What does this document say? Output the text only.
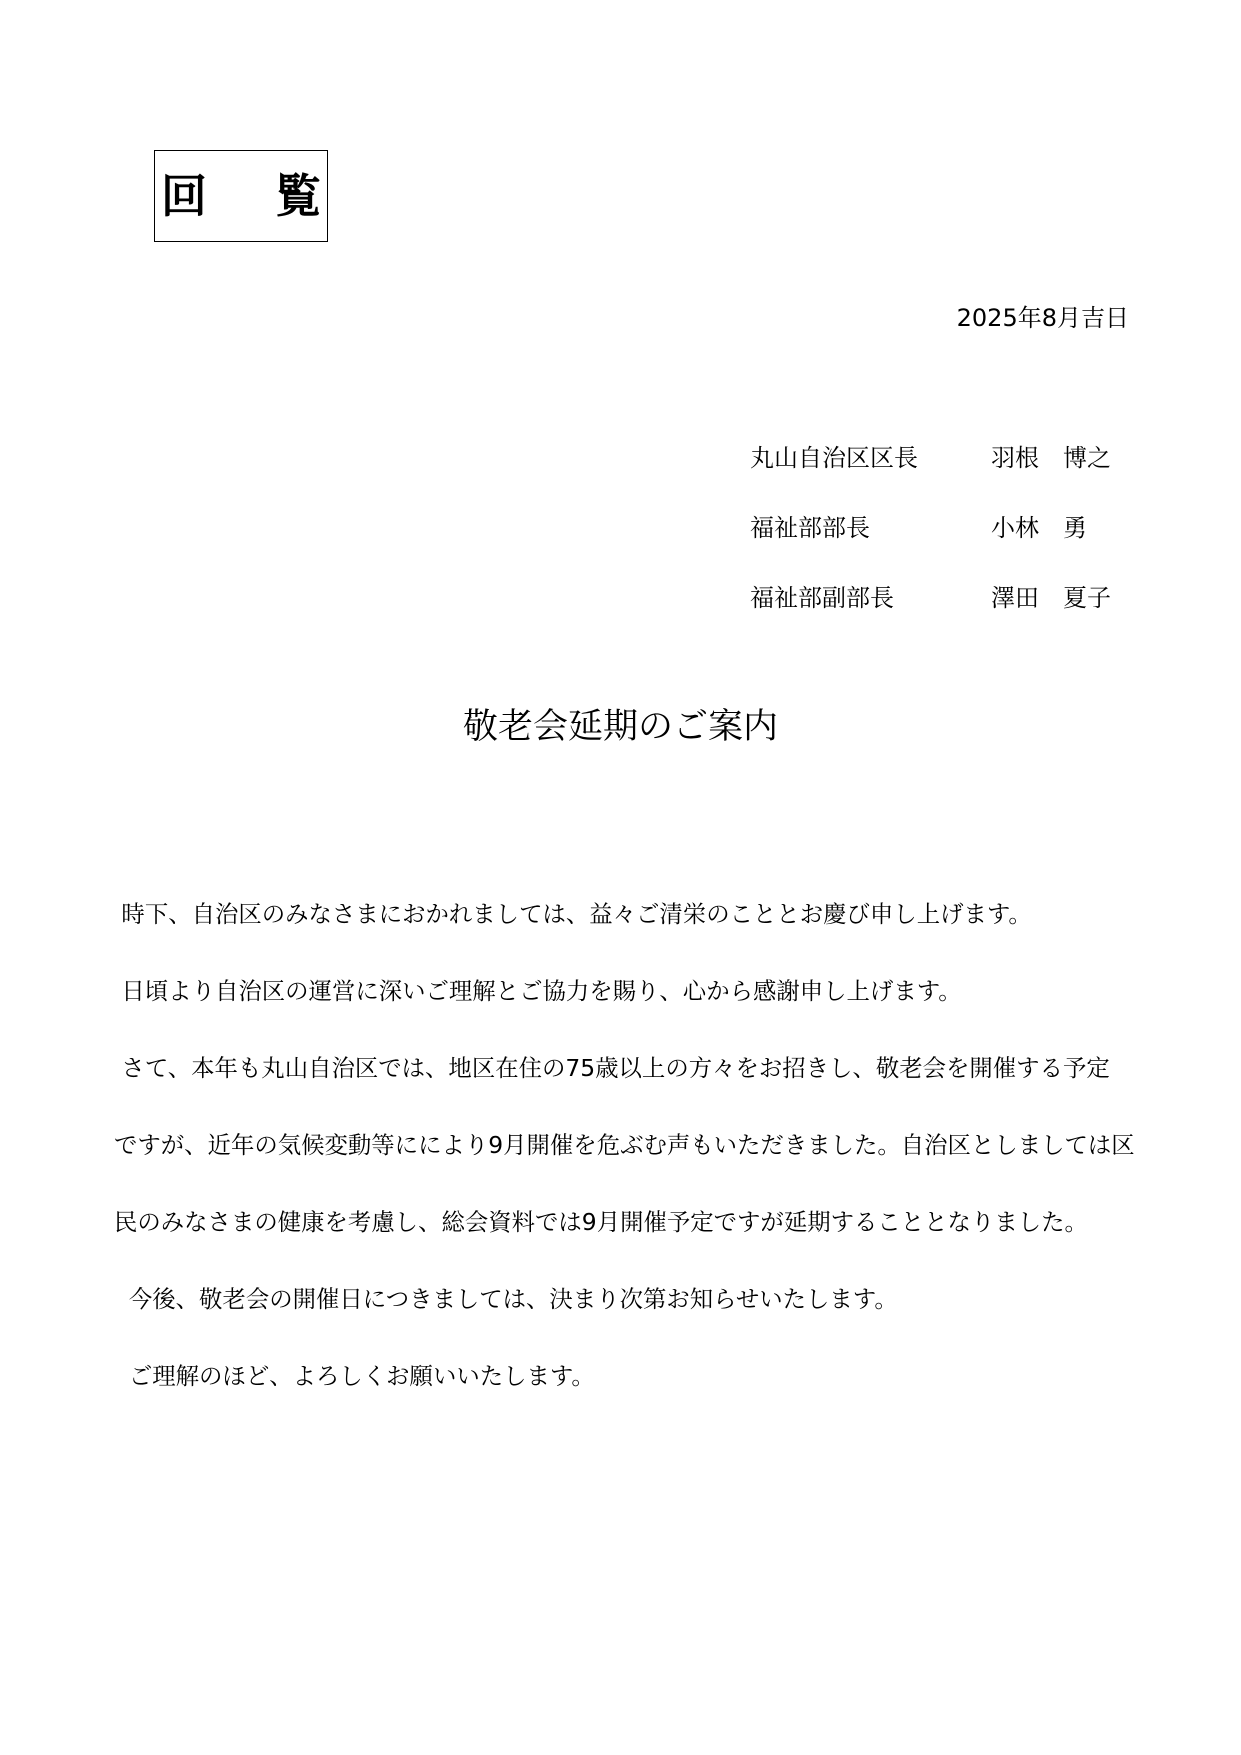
回 覧
2025年8月吉日
丸山自治区区長	羽根　博之
福祉部部長	小林　勇
福祉部副部長	澤田　夏子
敬老会延期のご案内

時下、自治区のみなさまにおかれましては、益々ご清栄のこととお慶び申し上げます。

日頃より自治区の運営に深いご理解とご協力を賜り、心から感謝申し上げます。

さて、本年も丸山自治区では、地区在住の75歳以上の方々をお招きし、敬老会を開催する予定

ですが、近年の気候変動等ににより9月開催を危ぶむ声もいただきました。自治区としましては区

民のみなさまの健康を考慮し、総会資料では9月開催予定ですが延期することとなりました。

今後、敬老会の開催日につきましては、決まり次第お知らせいたします。

ご理解のほど、よろしくお願いいたします。
